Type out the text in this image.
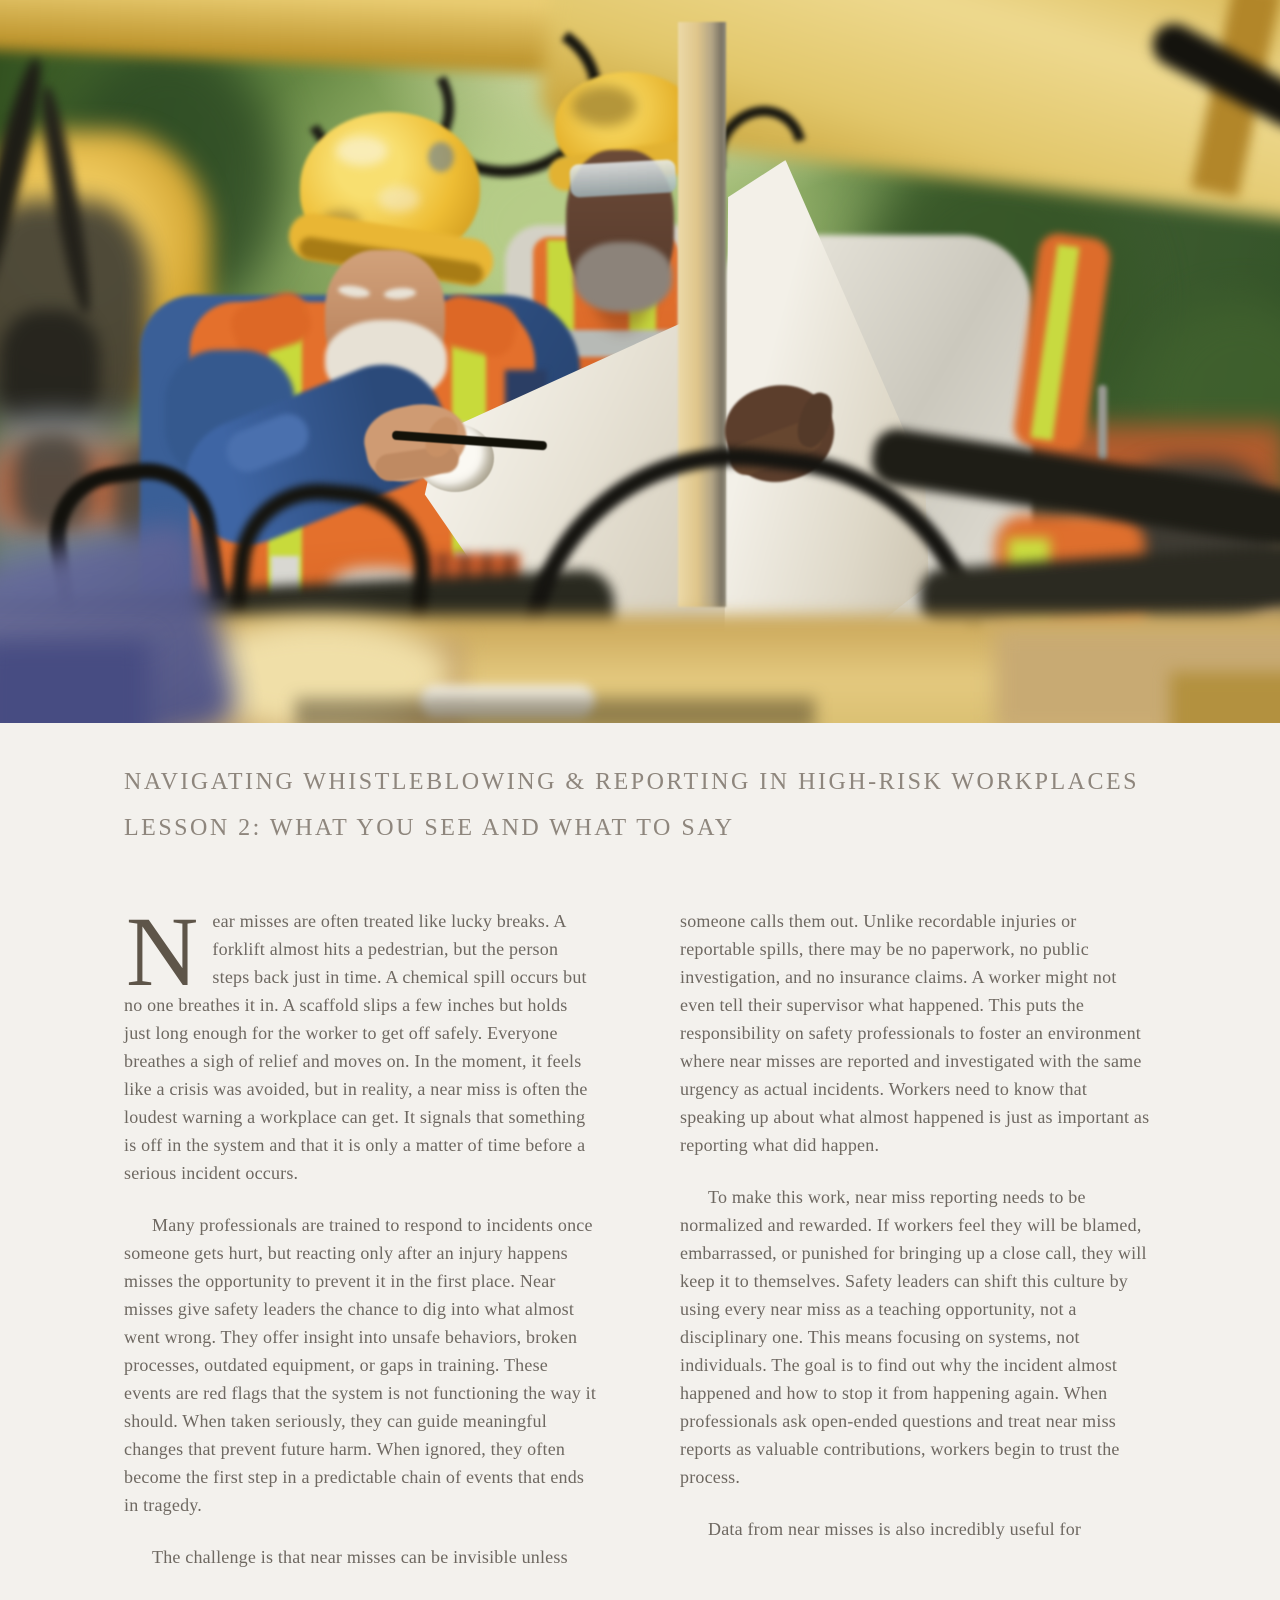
NAVIGATING WHISTLEBLOWING & REPORTING IN HIGH-RISK WORKPLACES
LESSON 2: WHAT YOU SEE AND WHAT TO SAY

Near misses are often treated like lucky breaks. A forklift almost hits a pedestrian, but the person steps back just in time. A chemical spill occurs but no one breathes it in. A scaffold slips a few inches but holds just long enough for the worker to get off safely. Everyone breathes a sigh of relief and moves on. In the moment, it feels like a crisis was avoided, but in reality, a near miss is often the loudest warning a workplace can get. It signals that something is off in the system and that it is only a matter of time before a serious incident occurs.

Many professionals are trained to respond to incidents once someone gets hurt, but reacting only after an injury happens misses the opportunity to prevent it in the first place. Near misses give safety leaders the chance to dig into what almost went wrong. They offer insight into unsafe behaviors, broken processes, outdated equipment, or gaps in training. These events are red flags that the system is not functioning the way it should. When taken seriously, they can guide meaningful changes that prevent future harm. When ignored, they often become the first step in a predictable chain of events that ends in tragedy.

The challenge is that near misses can be invisible unless

someone calls them out. Unlike recordable injuries or reportable spills, there may be no paperwork, no public investigation, and no insurance claims. A worker might not even tell their supervisor what happened. This puts the responsibility on safety professionals to foster an environment where near misses are reported and investigated with the same urgency as actual incidents. Workers need to know that speaking up about what almost happened is just as important as reporting what did happen.

To make this work, near miss reporting needs to be normalized and rewarded. If workers feel they will be blamed, embarrassed, or punished for bringing up a close call, they will keep it to themselves. Safety leaders can shift this culture by using every near miss as a teaching opportunity, not a disciplinary one. This means focusing on systems, not individuals. The goal is to find out why the incident almost happened and how to stop it from happening again. When professionals ask open-ended questions and treat near miss reports as valuable contributions, workers begin to trust the process.

Data from near misses is also incredibly useful for
